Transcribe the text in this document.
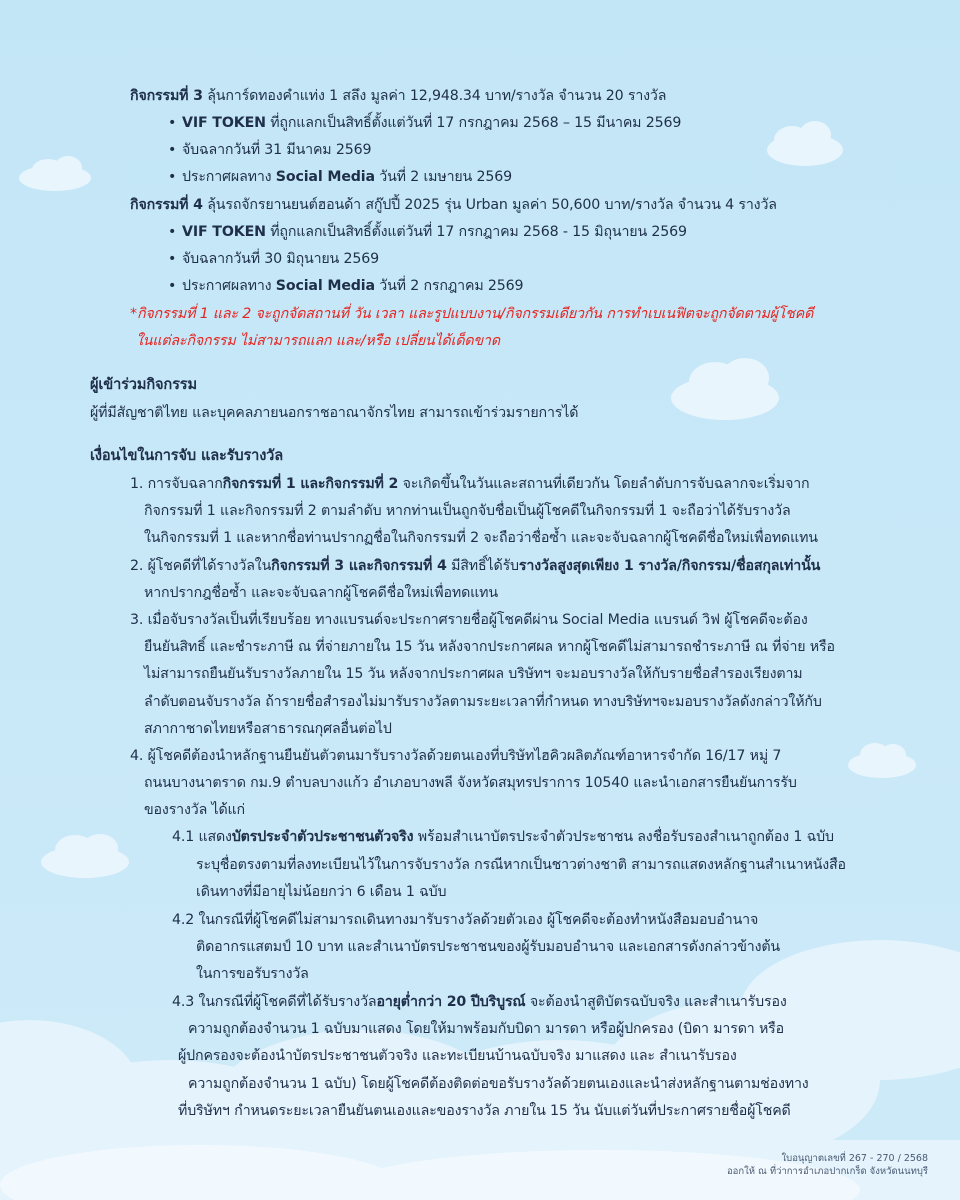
กิจกรรมที่ 3 ลุ้นการ์ดทองคำแท่ง 1 สลึง มูลค่า 12,948.34 บาท/รางวัล จำนวน 20 รางวัล
• VIF TOKEN ที่ถูกแลกเป็นสิทธิ์ตั้งแต่วันที่ 17 กรกฎาคม 2568 – 15 มีนาคม 2569
• จับฉลากวันที่ 31 มีนาคม 2569
• ประกาศผลทาง Social Media วันที่ 2 เมษายน 2569
กิจกรรมที่ 4 ลุ้นรถจักรยานยนต์ฮอนด้า สกู๊ปปี้ 2025 รุ่น Urban มูลค่า 50,600 บาท/รางวัล จำนวน 4 รางวัล
• VIF TOKEN ที่ถูกแลกเป็นสิทธิ์ตั้งแต่วันที่ 17 กรกฎาคม 2568 - 15 มิถุนายน 2569
• จับฉลากวันที่ 30 มิถุนายน 2569
• ประกาศผลทาง Social Media วันที่ 2 กรกฎาคม 2569
*กิจกรรมที่ 1 และ 2 จะถูกจัดสถานที่ วัน เวลา และรูปแบบงาน/กิจกรรมเดียวกัน การทำเบเนฟิตจะถูกจัดตามผู้โชคดี
ในแต่ละกิจกรรม ไม่สามารถแลก และ/หรือ เปลี่ยนได้เด็ดขาด
ผู้เข้าร่วมกิจกรรม
ผู้ที่มีสัญชาติไทย และบุคคลภายนอกราชอาณาจักรไทย สามารถเข้าร่วมรายการได้
เงื่อนไขในการจับ และรับรางวัล
1. การจับฉลากกิจกรรมที่ 1 และกิจกรรมที่ 2 จะเกิดขึ้นในวันและสถานที่เดียวกัน โดยลำดับการจับฉลากจะเริ่มจาก
กิจกรรมที่ 1 และกิจกรรมที่ 2 ตามลำดับ หากท่านเป็นถูกจับชื่อเป็นผู้โชคดีในกิจกรรมที่ 1 จะถือว่าได้รับรางวัล
ในกิจกรรมที่ 1 และหากชื่อท่านปรากฏชื่อในกิจกรรมที่ 2 จะถือว่าชื่อซ้ำ และจะจับฉลากผู้โชคดีชื่อใหม่เพื่อทดแทน
2. ผู้โชคดีที่ได้รางวัลในกิจกรรมที่ 3 และกิจกรรมที่ 4 มีสิทธิ์ได้รับรางวัลสูงสุดเพียง 1 รางวัล/กิจกรรม/ชื่อสกุลเท่านั้น
หากปรากฎชื่อซ้ำ และจะจับฉลากผู้โชคดีชื่อใหม่เพื่อทดแทน
3. เมื่อจับรางวัลเป็นที่เรียบร้อย ทางแบรนด์จะประกาศรายชื่อผู้โชคดีผ่าน Social Media แบรนด์ วิฟ ผู้โชคดีจะต้อง
ยืนยันสิทธิ์ และชำระภาษี ณ ที่จ่ายภายใน 15 วัน หลังจากประกาศผล หากผู้โชคดีไม่สามารถชำระภาษี ณ ที่จ่าย หรือ
ไม่สามารถยืนยันรับรางวัลภายใน 15 วัน หลังจากประกาศผล บริษัทฯ จะมอบรางวัลให้กับรายชื่อสำรองเรียงตาม
ลำดับตอนจับรางวัล ถ้ารายชื่อสำรองไม่มารับรางวัลตามระยะเวลาที่กำหนด ทางบริษัทฯจะมอบรางวัลดังกล่าวให้กับ
สภากาชาดไทยหรือสาธารณกุศลอื่นต่อไป
4. ผู้โชคดีต้องนำหลักฐานยืนยันตัวตนมารับรางวัลด้วยตนเองที่บริษัทไฮคิวผลิตภัณฑ์อาหารจำกัด 16/17 หมู่ 7
ถนนบางนาตราด กม.9 ตำบลบางแก้ว อำเภอบางพลี จังหวัดสมุทรปราการ 10540 และนำเอกสารยืนยันการรับ
ของรางวัล ได้แก่
4.1 แสดงบัตรประจำตัวประชาชนตัวจริง พร้อมสำเนาบัตรประจำตัวประชาชน ลงชื่อรับรองสำเนาถูกต้อง 1 ฉบับ
ระบุชื่อตรงตามที่ลงทะเบียนไว้ในการจับรางวัล กรณีหากเป็นชาวต่างชาติ สามารถแสดงหลักฐานสำเนาหนังสือ
เดินทางที่มีอายุไม่น้อยกว่า 6 เดือน 1 ฉบับ
4.2 ในกรณีที่ผู้โชคดีไม่สามารถเดินทางมารับรางวัลด้วยตัวเอง ผู้โชคดีจะต้องทำหนังสือมอบอำนาจ
ติดอากรแสตมป์ 10 บาท และสำเนาบัตรประชาชนของผู้รับมอบอำนาจ และเอกสารดังกล่าวข้างต้น
ในการขอรับรางวัล
4.3 ในกรณีที่ผู้โชคดีที่ได้รับรางวัลอายุต่ำกว่า 20 ปีบริบูรณ์ จะต้องนำสูติบัตรฉบับจริง และสำเนารับรอง
ความถูกต้องจำนวน 1 ฉบับมาแสดง โดยให้มาพร้อมกับบิดา มารดา หรือผู้ปกครอง (บิดา มารดา หรือ
ผู้ปกครองจะต้องนำบัตรประชาชนตัวจริง และทะเบียนบ้านฉบับจริง มาแสดง และ สำเนารับรอง
ความถูกต้องจำนวน 1 ฉบับ) โดยผู้โชคดีต้องติดต่อขอรับรางวัลด้วยตนเองและนำส่งหลักฐานตามช่องทาง
ที่บริษัทฯ กำหนดระยะเวลายืนยันตนเองและของรางวัล ภายใน 15 วัน นับแต่วันที่ประกาศรายชื่อผู้โชคดี
ใบอนุญาตเลขที่ 267 - 270 / 2568
ออกให้ ณ ที่ว่าการอำเภอปากเกร็ด จังหวัดนนทบุรี
